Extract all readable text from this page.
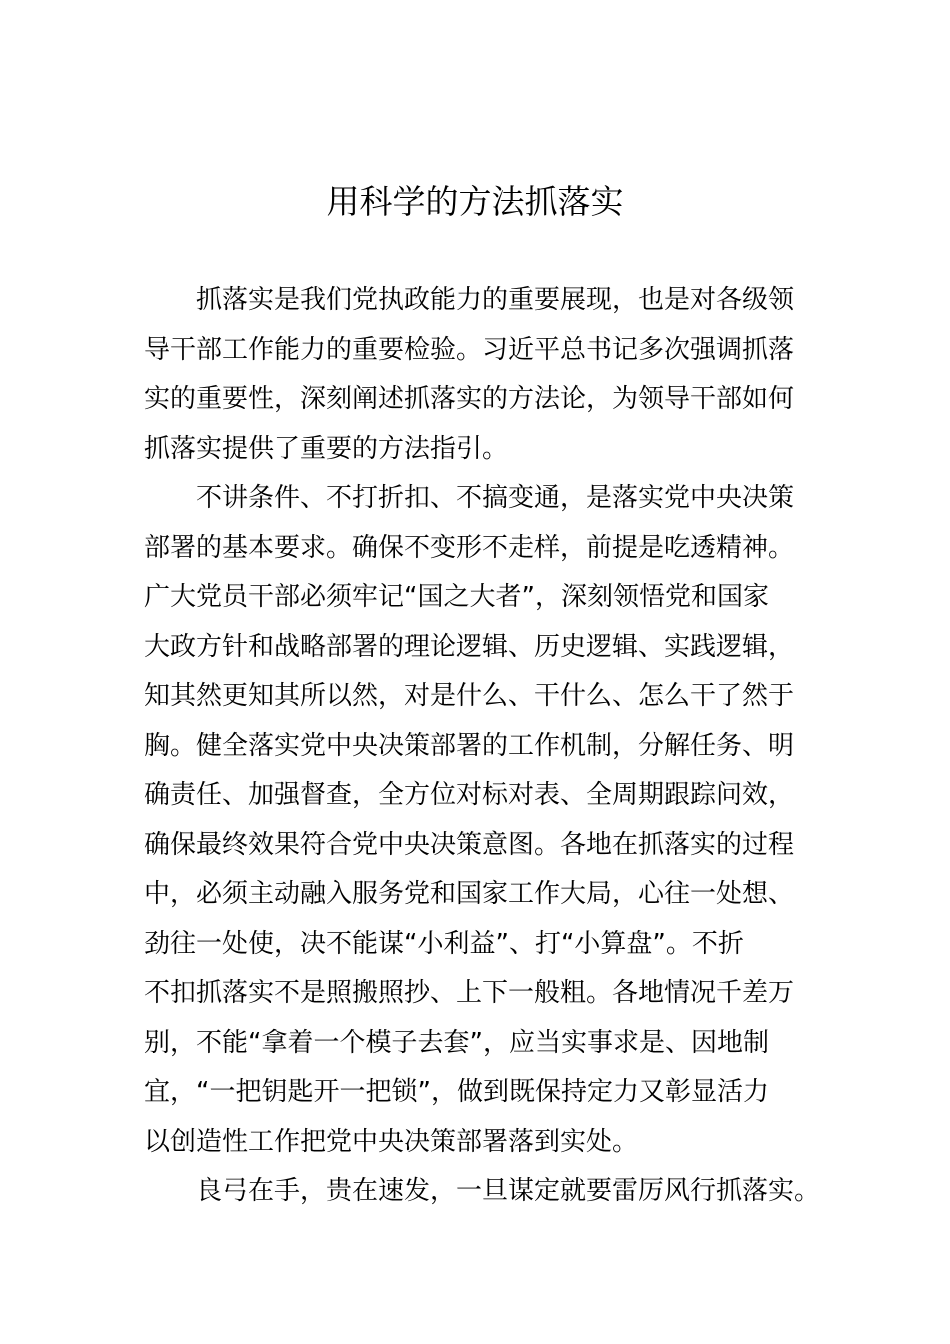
用科学的方法抓落实
抓落实是我们党执政能力的重要展现，也是对各级领
导干部工作能力的重要检验。习近平总书记多次强调抓落
实的重要性，深刻阐述抓落实的方法论，为领导干部如何
抓落实提供了重要的方法指引。
不讲条件、不打折扣、不搞变通，是落实党中央决策
部署的基本要求。确保不变形不走样，前提是吃透精神。
广大党员干部必须牢记“国之大者”，深刻领悟党和国家
大政方针和战略部署的理论逻辑、历史逻辑、实践逻辑，
知其然更知其所以然，对是什么、干什么、怎么干了然于
胸。健全落实党中央决策部署的工作机制，分解任务、明
确责任、加强督查，全方位对标对表、全周期跟踪问效，
确保最终效果符合党中央决策意图。各地在抓落实的过程
中，必须主动融入服务党和国家工作大局，心往一处想、
劲往一处使，决不能谋“小利益”、打“小算盘”。不折
不扣抓落实不是照搬照抄、上下一般粗。各地情况千差万
别，不能“拿着一个模子去套”，应当实事求是、因地制
宜，“一把钥匙开一把锁”，做到既保持定力又彰显活力
以创造性工作把党中央决策部署落到实处。
良弓在手，贵在速发，一旦谋定就要雷厉风行抓落实。
